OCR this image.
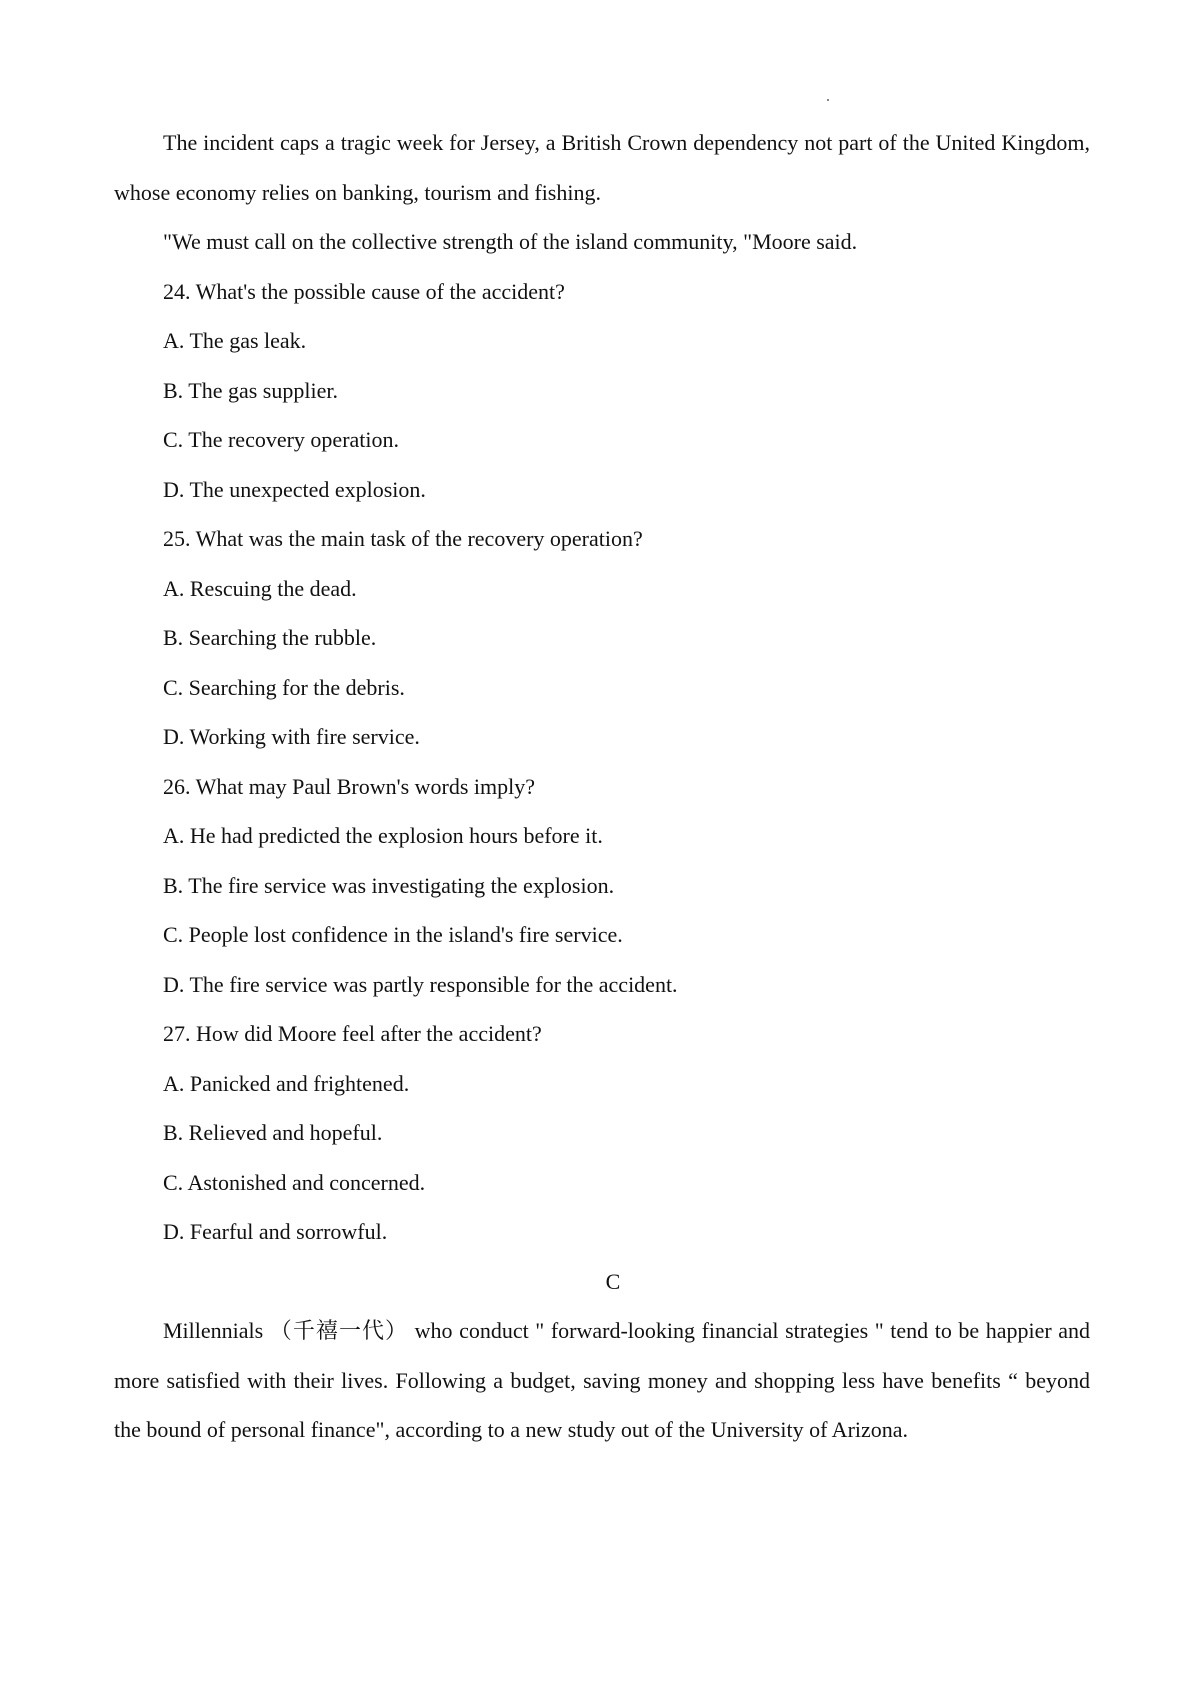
The incident caps a tragic week for Jersey, a British Crown dependency not part of the United Kingdom, whose economy relies on banking, tourism and fishing.

"We must call on the collective strength of the island community, "Moore said.

24. What's the possible cause of the accident?

A. The gas leak.

B. The gas supplier.

C. The recovery operation.

D. The unexpected explosion.

25. What was the main task of the recovery operation?

A. Rescuing the dead.

B. Searching the rubble.

C. Searching for the debris.

D. Working with fire service.

26. What may Paul Brown's words imply?

A. He had predicted the explosion hours before it.

B. The fire service was investigating the explosion.

C. People lost confidence in the island's fire service.

D. The fire service was partly responsible for the accident.

27. How did Moore feel after the accident?

A. Panicked and frightened.

B. Relieved and hopeful.

C. Astonished and concerned.

D. Fearful and sorrowful.

C

Millennials （千禧一代） who conduct " forward-looking financial strategies " tend to be happier and more satisfied with their lives. Following a budget, saving money and shopping less have benefits “ beyond the bound of personal finance", according to a new study out of the University of Arizona.
